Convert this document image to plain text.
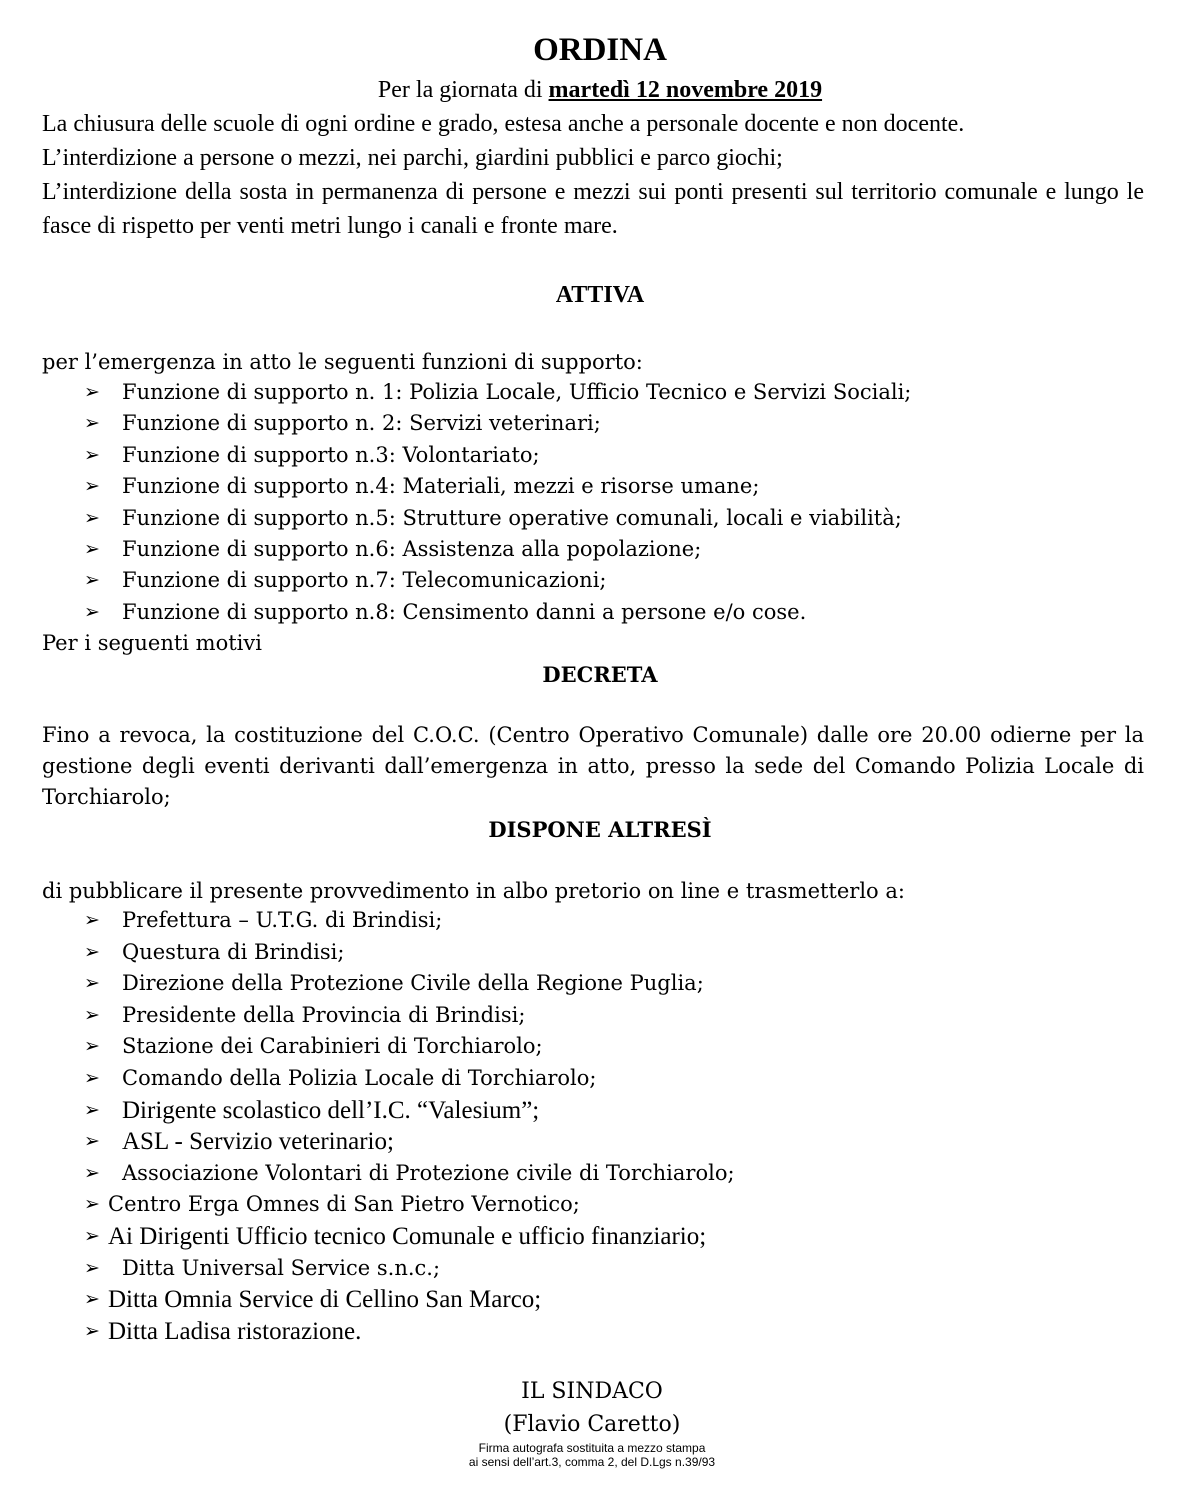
ORDINA
Per la giornata di martedì 12 novembre 2019

La chiusura delle scuole di ogni ordine e grado, estesa anche a personale docente e non docente.

L’interdizione a persone o mezzi, nei parchi, giardini pubblici e parco giochi;

L’interdizione della sosta in permanenza di persone e mezzi sui ponti presenti sul territorio comunale e lungo le fasce di rispetto per venti metri lungo i canali e fronte mare.

ATTIVA

per l’emergenza in atto le seguenti funzioni di supporto:

➢ Funzione di supporto n. 1: Polizia Locale, Ufficio Tecnico e Servizi Sociali;
➢ Funzione di supporto n. 2: Servizi veterinari;
➢ Funzione di supporto n.3: Volontariato;
➢ Funzione di supporto n.4: Materiali, mezzi e risorse umane;
➢ Funzione di supporto n.5: Strutture operative comunali, locali e viabilità;
➢ Funzione di supporto n.6: Assistenza alla popolazione;
➢ Funzione di supporto n.7: Telecomunicazioni;
➢ Funzione di supporto n.8: Censimento danni a persone e/o cose.

Per i seguenti motivi

DECRETA

Fino a revoca, la costituzione del C.O.C. (Centro Operativo Comunale) dalle ore 20.00 odierne per la gestione degli eventi derivanti dall’emergenza in atto, presso la sede del Comando Polizia Locale di Torchiarolo;

DISPONE ALTRESÌ

di pubblicare il presente provvedimento in albo pretorio on line e trasmetterlo a:

➢ Prefettura – U.T.G. di Brindisi;
➢ Questura di Brindisi;
➢ Direzione della Protezione Civile della Regione Puglia;
➢ Presidente della Provincia di Brindisi;
➢ Stazione dei Carabinieri di Torchiarolo;
➢ Comando della Polizia Locale di Torchiarolo;
➢ Dirigente scolastico dell’I.C. “Valesium”;
➢ ASL - Servizio veterinario;
➢ Associazione Volontari di Protezione civile di Torchiarolo;
➢ Centro Erga Omnes di San Pietro Vernotico;
➢ Ai Dirigenti Ufficio tecnico Comunale e ufficio finanziario;
➢ Ditta Universal Service s.n.c.;
➢ Ditta Omnia Service di Cellino San Marco;
➢ Ditta Ladisa ristorazione.
IL SINDACO
(Flavio Caretto)
Firma autografa sostituita a mezzo stampa
ai sensi dell’art.3, comma 2, del D.Lgs n.39/93
